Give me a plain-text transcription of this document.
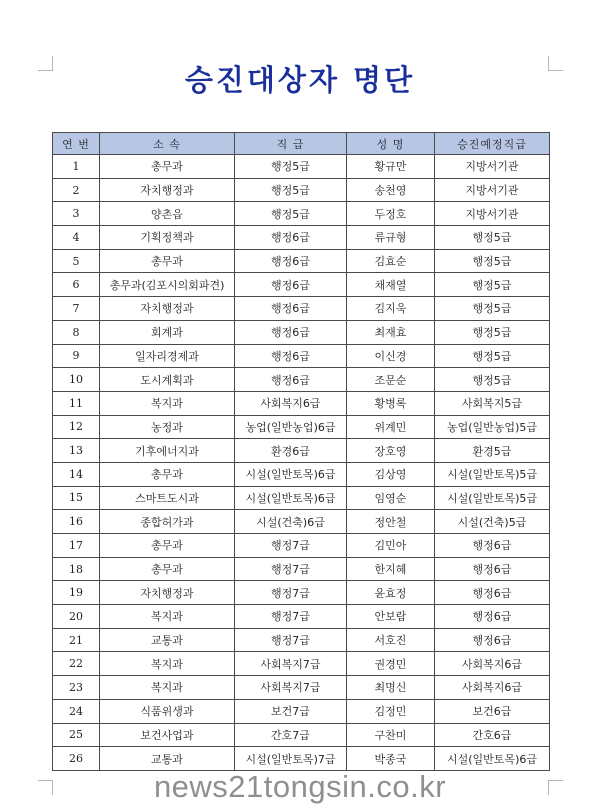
승진대상자 명단
연 번	소 속	직 급	성 명	승진예정직급
1	총무과	행정5급	황규만	지방서기관
2	자치행정과	행정5급	송천영	지방서기관
3	양촌읍	행정5급	두정호	지방서기관
4	기획정책과	행정6급	류규형	행정5급
5	총무과	행정6급	김효순	행정5급
6	총무과(김포시의회파견)	행정6급	채재열	행정5급
7	자치행정과	행정6급	김지욱	행정5급
8	회계과	행정6급	최재효	행정5급
9	일자리경제과	행정6급	이신경	행정5급
10	도시계획과	행정6급	조문순	행정5급
11	복지과	사회복지6급	황병록	사회복지5급
12	농정과	농업(일반농업)6급	위계민	농업(일반농업)5급
13	기후에너지과	환경6급	장호영	환경5급
14	총무과	시설(일반토목)6급	김상영	시설(일반토목)5급
15	스마트도시과	시설(일반토목)6급	임영순	시설(일반토목)5급
16	종합허가과	시설(건축)6급	정안철	시설(건축)5급
17	총무과	행정7급	김민아	행정6급
18	총무과	행정7급	한지혜	행정6급
19	자치행정과	행정7급	윤효정	행정6급
20	복지과	행정7급	안보람	행정6급
21	교통과	행정7급	서호진	행정6급
22	복지과	사회복지7급	권경민	사회복지6급
23	복지과	사회복지7급	최명신	사회복지6급
24	식품위생과	보건7급	김정민	보건6급
25	보건사업과	간호7급	구찬미	간호6급
26	교통과	시설(일반토목)7급	박종국	시설(일반토목)6급
news21tongsin.co.kr
